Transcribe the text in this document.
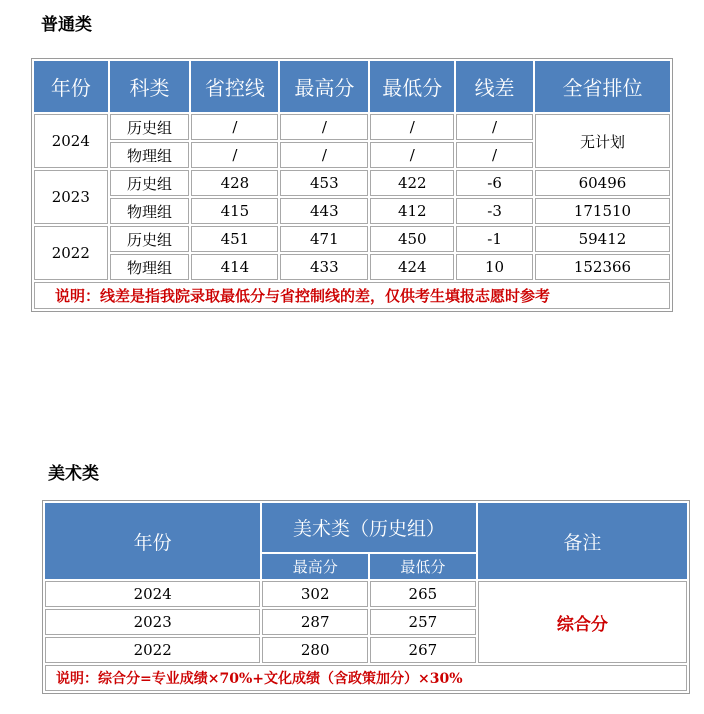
普通类
年份	科类	省控线	最高分	最低分	线差	全省排位
2024	历史组	/	/	/	/	无计划
	物理组	/	/	/	/	
2023	历史组	428	453	422	-6	60496
	物理组	415	443	412	-3	171510
2022	历史组	451	471	450	-1	59412
	物理组	414	433	424	10	152366
说明：线差是指我院录取最低分与省控制线的差，仅供考生填报志愿时参考						
美术类
年份	美术类（历史组）		备注
	最高分	最低分	
2024	302	265	综合分
2023	287	257	
2022	280	267	
说明：综合分=专业成绩×70%+文化成绩（含政策加分）×30%			
